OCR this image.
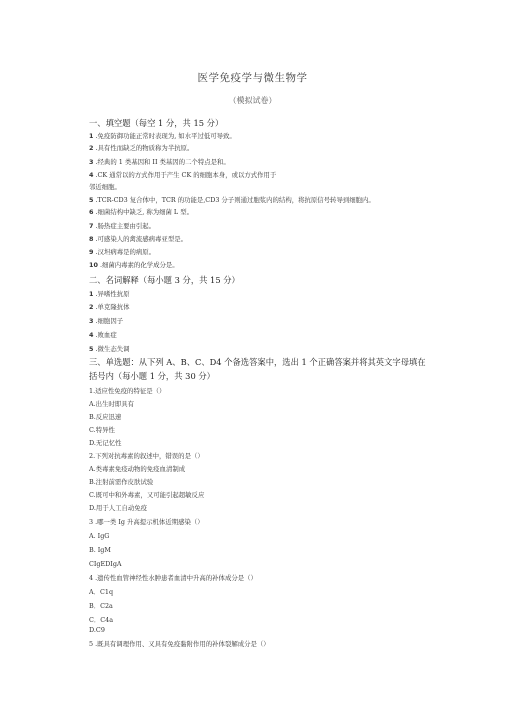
医学免疫学与微生物学
（模拟试卷）
一、填空题（每空 1 分，共 15 分）
1 .免疫防御功能正常时表现为, 如水平过低可导致。
2 .具有性而缺乏的物质称为半抗原。
3 .经典的 1 类基因和 II 类基因的二个特点是和。
4 .CK 通常以的方式作用于产生 CK 的细胞本身，或以方式作用于
邻近细胞。
5 .TCR-CD3 复合体中，TCR 的功能是,CD3 分子则通过胞浆内的结构，将抗原信号转导到细胞内。
6 .细菌结构中缺乏, 称为细菌 L 型。
7 .肠热症主要由引起。
8 .可感染人的禽流感病毒亚型是。
9 .汉坦病毒是的病原。
10 .细菌内毒素的化学成分是。
二、名词解释（每小题 3 分，共 15 分）
1 .异嗜性抗原
2 .单克隆抗体
3 .细胞因子
4 .败血症
5 .微生态失调
三、单选题：从下列 A、B、C、D4 个备选答案中，选出 1 个正确答案并将其英文字母填在
括号内（每小题 1 分，共 30 分）
1.适应性免疫的特征是（）
A.出生时即具有
B.反应迅速
C.特异性
D.无记忆性
2.下列对抗毒素的叙述中，错误的是（）
A.类毒素免疫动物的免疫血清制成
B.注射前需作皮肤试验
C.既可中和外毒素，又可能引起超敏反应
D.用于人工自动免疫
3 .哪一类 Ig 升高提示机体近期感染（）
A. IgG
B. IgM
CIgEDIgA
4 .遗传性血管神经性水肿患者血清中升高的补体成分是（）
A．C1q
B．C2a
C．C4a
D.C9
5 .既具有调理作用、又具有免疫黏附作用的补体裂解成分是（）
